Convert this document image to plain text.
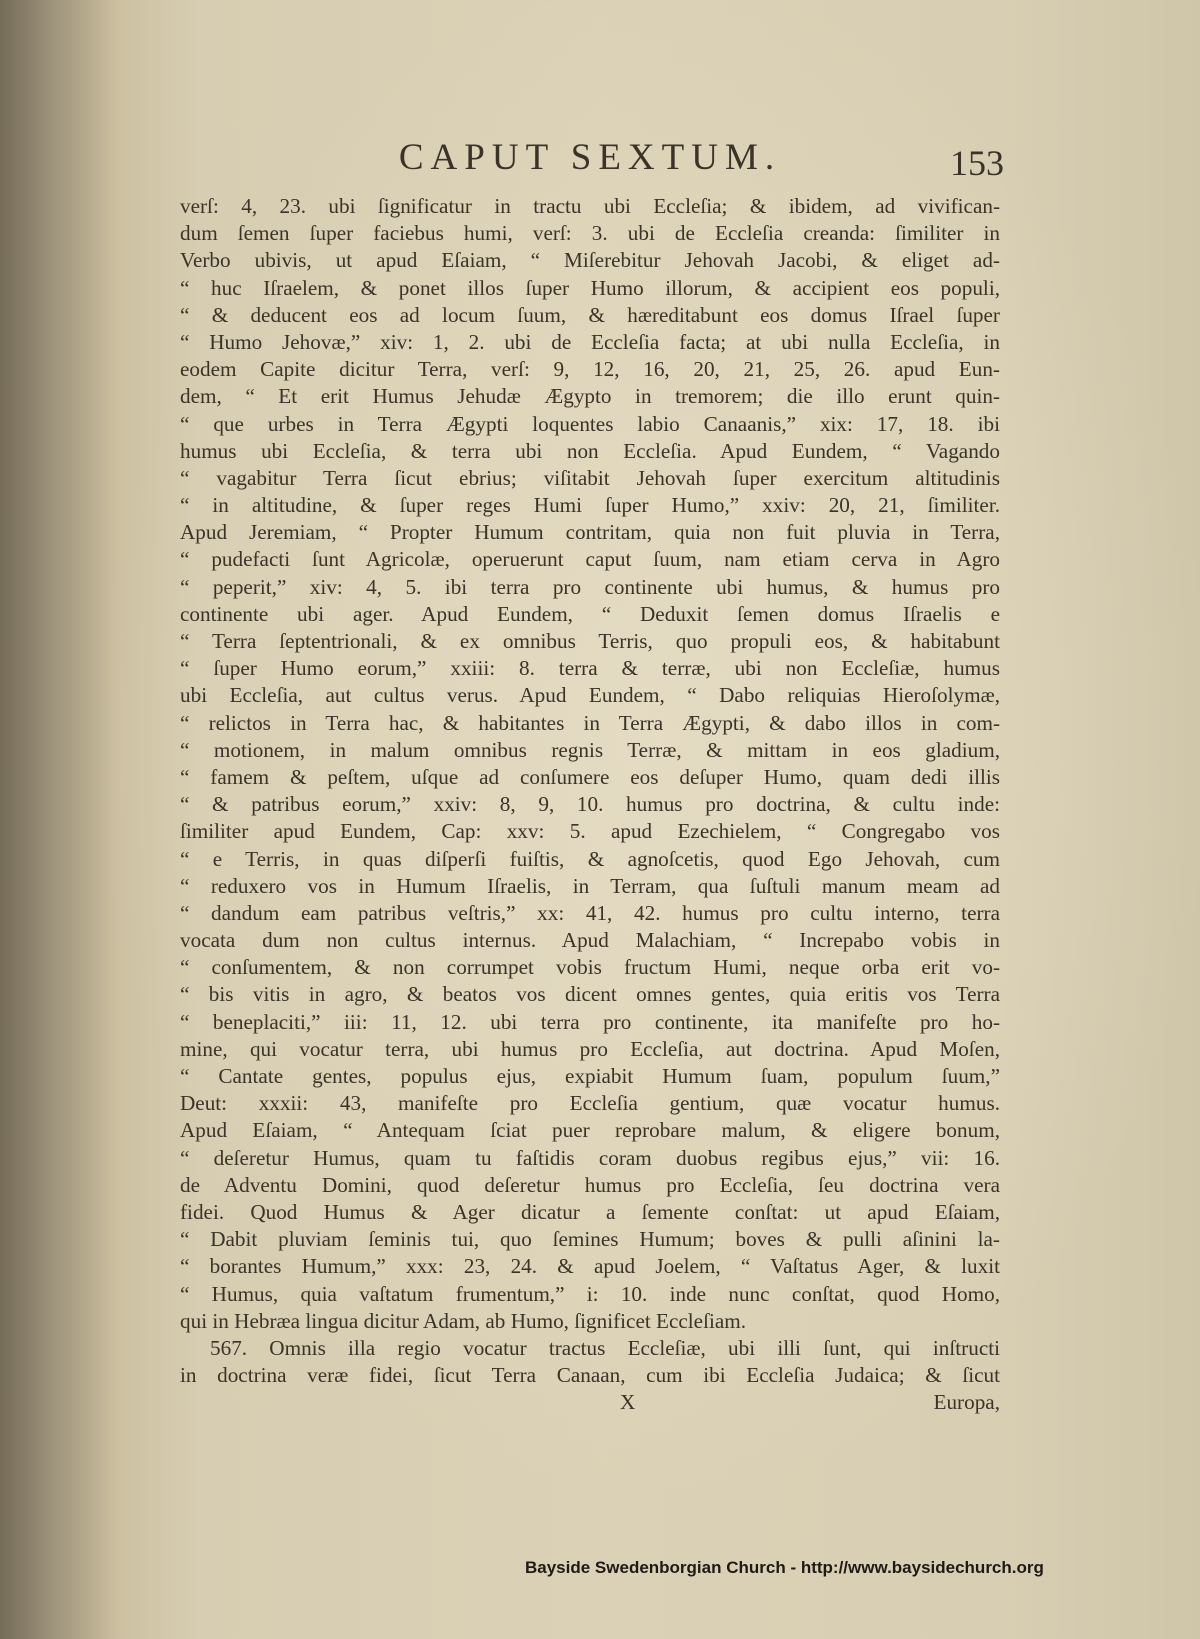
CAPUT SEXTUM.	153
verſ: 4, 23. ubi ſignificatur in tractu ubi Eccleſia; & ibidem, ad vivifican-
dum ſemen ſuper faciebus humi, verſ: 3. ubi de Eccleſia creanda: ſimiliter in
Verbo ubivis, ut apud Eſaiam, “ Miſerebitur Jehovah Jacobi, & eliget ad-
“ huc Iſraelem, & ponet illos ſuper Humo illorum, & accipient eos populi,
“ & deducent eos ad locum ſuum, & hæreditabunt eos domus Iſrael ſuper
“ Humo Jehovæ,” xiv: 1, 2. ubi de Eccleſia facta; at ubi nulla Eccleſia, in
eodem Capite dicitur Terra, verſ: 9, 12, 16, 20, 21, 25, 26. apud Eun-
dem, “ Et erit Humus Jehudæ Ægypto in tremorem; die illo erunt quin-
“ que urbes in Terra Ægypti loquentes labio Canaanis,” xix: 17, 18. ibi
humus ubi Eccleſia, & terra ubi non Eccleſia. Apud Eundem, “ Vagando
“ vagabitur Terra ſicut ebrius; viſitabit Jehovah ſuper exercitum altitudinis
“ in altitudine, & ſuper reges Humi ſuper Humo,” xxiv: 20, 21, ſimiliter.
Apud Jeremiam, “ Propter Humum contritam, quia non fuit pluvia in Terra,
“ pudefacti ſunt Agricolæ, operuerunt caput ſuum, nam etiam cerva in Agro
“ peperit,” xiv: 4, 5. ibi terra pro continente ubi humus, & humus pro
continente ubi ager. Apud Eundem, “ Deduxit ſemen domus Iſraelis e
“ Terra ſeptentrionali, & ex omnibus Terris, quo propuli eos, & habitabunt
“ ſuper Humo eorum,” xxiii: 8. terra & terræ, ubi non Eccleſiæ, humus
ubi Eccleſia, aut cultus verus. Apud Eundem, “ Dabo reliquias Hieroſolymæ,
“ relictos in Terra hac, & habitantes in Terra Ægypti, & dabo illos in com-
“ motionem, in malum omnibus regnis Terræ, & mittam in eos gladium,
“ famem & peſtem, uſque ad conſumere eos deſuper Humo, quam dedi illis
“ & patribus eorum,” xxiv: 8, 9, 10. humus pro doctrina, & cultu inde:
ſimiliter apud Eundem, Cap: xxv: 5. apud Ezechielem, “ Congregabo vos
“ e Terris, in quas diſperſi fuiſtis, & agnoſcetis, quod Ego Jehovah, cum
“ reduxero vos in Humum Iſraelis, in Terram, qua ſuſtuli manum meam ad
“ dandum eam patribus veſtris,” xx: 41, 42. humus pro cultu interno, terra
vocata dum non cultus internus. Apud Malachiam, “ Increpabo vobis in
“ conſumentem, & non corrumpet vobis fructum Humi, neque orba erit vo-
“ bis vitis in agro, & beatos vos dicent omnes gentes, quia eritis vos Terra
“ beneplaciti,” iii: 11, 12. ubi terra pro continente, ita manifeſte pro ho-
mine, qui vocatur terra, ubi humus pro Eccleſia, aut doctrina. Apud Moſen,
“ Cantate gentes, populus ejus, expiabit Humum ſuam, populum ſuum,”
Deut: xxxii: 43, manifeſte pro Eccleſia gentium, quæ vocatur humus.
Apud Eſaiam, “ Antequam ſciat puer reprobare malum, & eligere bonum,
“ deſeretur Humus, quam tu faſtidis coram duobus regibus ejus,” vii: 16.
de Adventu Domini, quod deſeretur humus pro Eccleſia, ſeu doctrina vera
fidei. Quod Humus & Ager dicatur a ſemente conſtat: ut apud Eſaiam,
“ Dabit pluviam ſeminis tui, quo ſemines Humum; boves & pulli aſinini la-
“ borantes Humum,” xxx: 23, 24. & apud Joelem, “ Vaſtatus Ager, & luxit
“ Humus, quia vaſtatum frumentum,” i: 10. inde nunc conſtat, quod Homo,
qui in Hebræa lingua dicitur Adam, ab Humo, ſignificet Eccleſiam.
567. Omnis illa regio vocatur tractus Eccleſiæ, ubi illi ſunt, qui inſtructi
in doctrina veræ fidei, ſicut Terra Canaan, cum ibi Eccleſia Judaica; & ſicut
X	Europa,
Bayside Swedenborgian Church - http://www.baysidechurch.org
